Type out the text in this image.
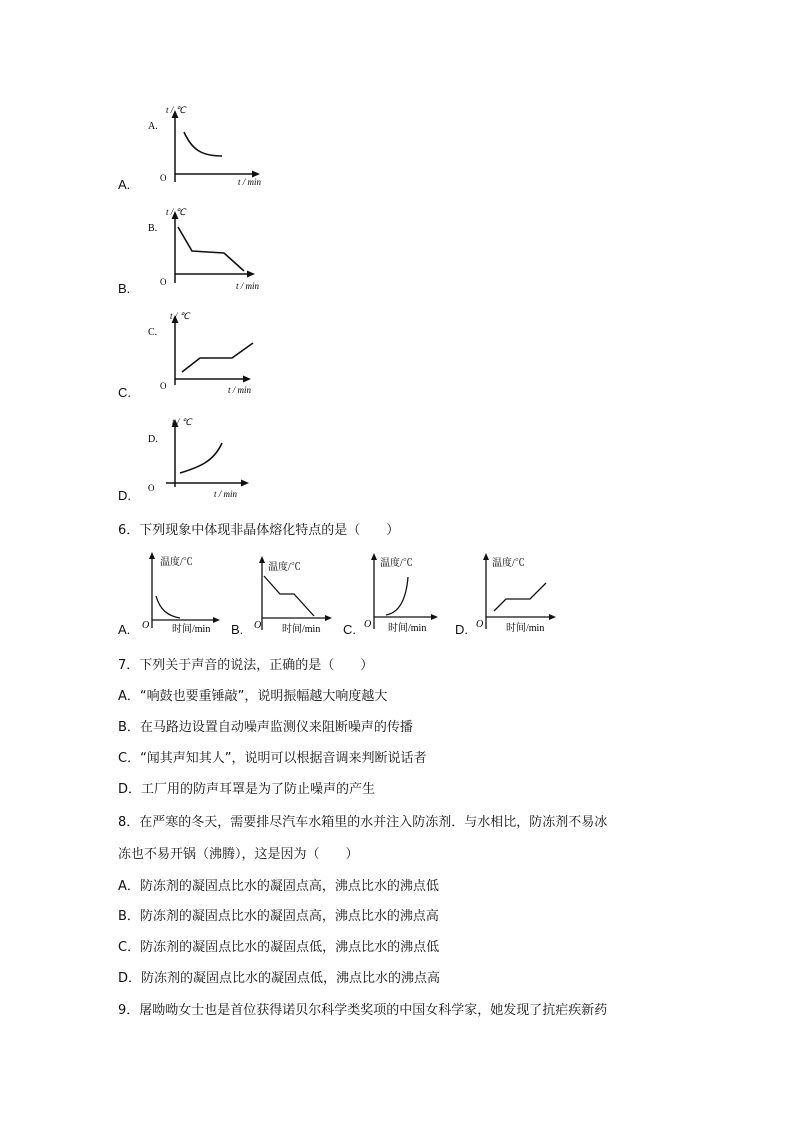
A.
A.
t / ℃
O	t / min
B.
B.
t / ℃
O	t / min
C.
C.
t / ℃
O	t / min
D.
D.
t / ℃
O
t / min
6．下列现象中体现非晶体熔化特点的是（　　）
A.
温度/℃
O 时间/min B.
温度/℃
O 时间/min C.
温度/℃
O 时间/min D.
温度/℃
O 时间/min
7．下列关于声音的说法，正确的是（　　）
A．“响鼓也要重锤敲”，说明振幅越大响度越大
B．在马路边设置自动噪声监测仪来阻断噪声的传播
C．“闻其声知其人”，说明可以根据音调来判断说话者
D．工厂用的防声耳罩是为了防止噪声的产生
8．在严寒的冬天，需要排尽汽车水箱里的水并注入防冻剂．与水相比，防冻剂不易冰
冻也不易开锅（沸腾），这是因为（　　）
A．防冻剂的凝固点比水的凝固点高，沸点比水的沸点低
B．防冻剂的凝固点比水的凝固点高，沸点比水的沸点高
C．防冻剂的凝固点比水的凝固点低，沸点比水的沸点低
D．防冻剂的凝固点比水的凝固点低，沸点比水的沸点高
9．屠呦呦女士也是首位获得诺贝尔科学类奖项的中国女科学家，她发现了抗疟疾新药
